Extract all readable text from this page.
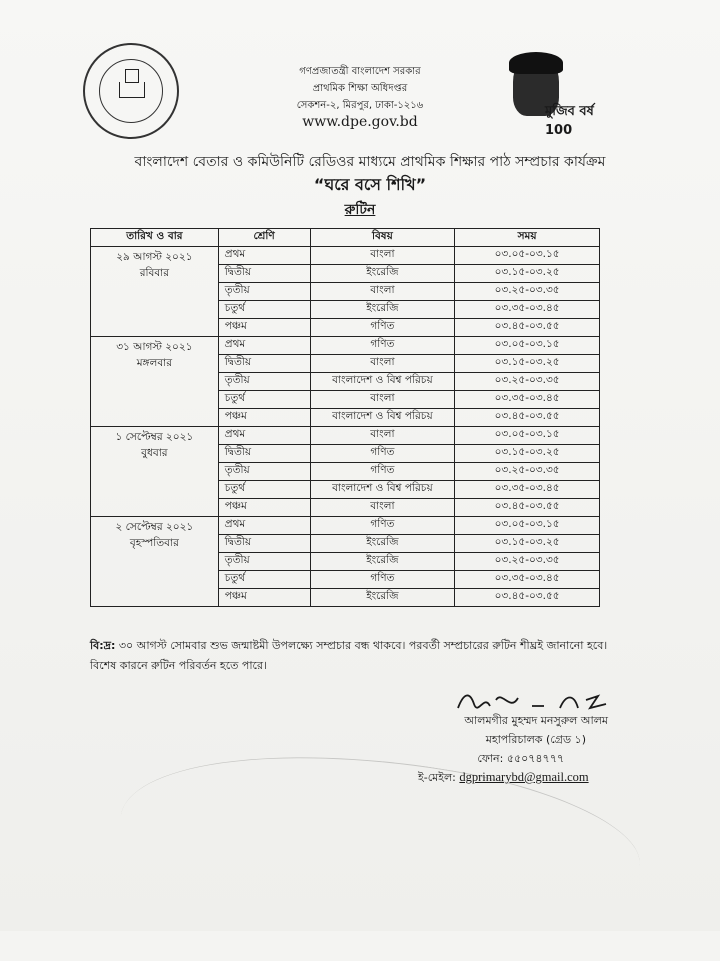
গণপ্রজাতন্ত্রী বাংলাদেশ সরকার
প্রাথমিক শিক্ষা অধিদপ্তর
সেকশন-২, মিরপুর, ঢাকা-১২১৬
www.dpe.gov.bd
মুজিব বর্ষ 100
বাংলাদেশ বেতার ও কমিউনিটি রেডিওর মাধ্যমে প্রাথমিক শিক্ষার পাঠ সম্প্রচার কার্যক্রম
“ঘরে বসে শিখি”
রুটিন
তারিখ ও বার	শ্রেণি	বিষয়	সময়

২৯ আগস্ট ২০২১
রবিবার	প্রথম	বাংলা	০৩.০৫-০৩.১৫
	দ্বিতীয়	ইংরেজি	০৩.১৫-০৩.২৫
	তৃতীয়	বাংলা	০৩.২৫-০৩.৩৫
	চতুর্থ	ইংরেজি	০৩.৩৫-০৩.৪৫
	পঞ্চম	গণিত	০৩.৪৫-০৩.৫৫

৩১ আগস্ট ২০২১
মঙ্গলবার	প্রথম	গণিত	০৩.০৫-০৩.১৫
	দ্বিতীয়	বাংলা	০৩.১৫-০৩.২৫
	তৃতীয়	বাংলাদেশ ও বিশ্ব পরিচয়	০৩.২৫-০৩.৩৫
	চতুর্থ	বাংলা	০৩.৩৫-০৩.৪৫
	পঞ্চম	বাংলাদেশ ও বিশ্ব পরিচয়	০৩.৪৫-০৩.৫৫

১ সেপ্টেম্বর ২০২১
বুধবার	প্রথম	বাংলা	০৩.০৫-০৩.১৫
	দ্বিতীয়	গণিত	০৩.১৫-০৩.২৫
	তৃতীয়	গণিত	০৩.২৫-০৩.৩৫
	চতুর্থ	বাংলাদেশ ও বিশ্ব পরিচয়	০৩.৩৫-০৩.৪৫
	পঞ্চম	বাংলা	০৩.৪৫-০৩.৫৫

২ সেপ্টেম্বর ২০২১
বৃহস্পতিবার	প্রথম	গণিত	০৩.০৫-০৩.১৫
	দ্বিতীয়	ইংরেজি	০৩.১৫-০৩.২৫
	তৃতীয়	ইংরেজি	০৩.২৫-০৩.৩৫
	চতুর্থ	গণিত	০৩.৩৫-০৩.৪৫
	পঞ্চম	ইংরেজি	০৩.৪৫-০৩.৫৫
বি:দ্র: ৩০ আগস্ট সোমবার শুভ জন্মাষ্টমী উপলক্ষ্যে সম্প্রচার বন্ধ থাকবে। পরবর্তী সম্প্রচারের রুটিন শীঘ্রই জানানো হবে। বিশেষ কারনে রুটিন পরিবর্তন হতে পারে।
আলমগীর মুহম্মদ মনসুরুল আলম
মহাপরিচালক (গ্রেড ১)
ফোন: ৫৫০৭৪৭৭৭
ই-মেইল: dgprimarybd@gmail.com
